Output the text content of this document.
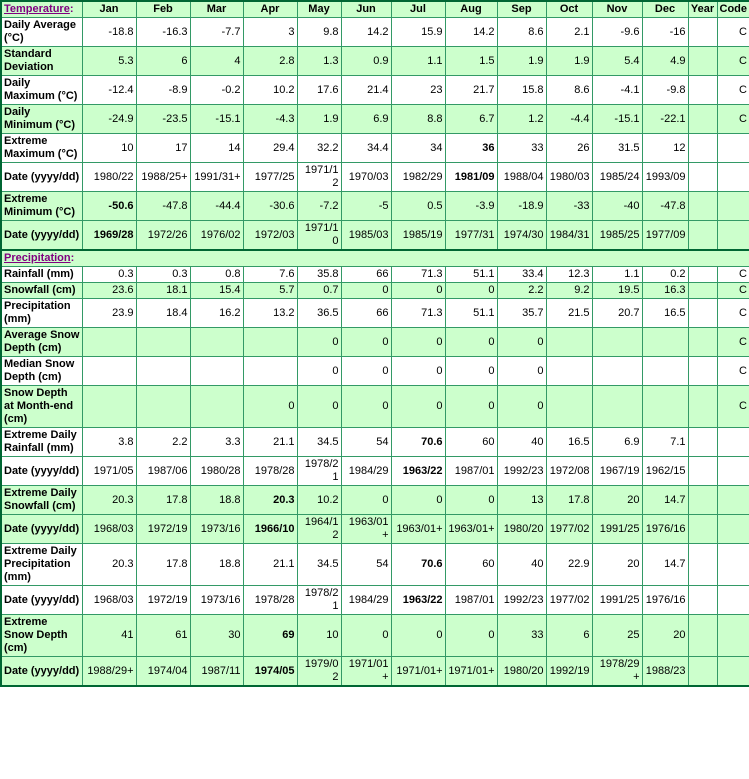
Temperature:	Jan	Feb	Mar	Apr	May	Jun	Jul	Aug	Sep	Oct	Nov	Dec	Year	Code
Daily Average (°C)	-18.8	-16.3	-7.7	3	9.8	14.2	15.9	14.2	8.6	2.1	-9.6	-16		C
Standard Deviation	5.3	6	4	2.8	1.3	0.9	1.1	1.5	1.9	1.9	5.4	4.9		C
Daily Maximum (°C)	-12.4	-8.9	-0.2	10.2	17.6	21.4	23	21.7	15.8	8.6	-4.1	-9.8		C
Daily Minimum (°C)	-24.9	-23.5	-15.1	-4.3	1.9	6.9	8.8	6.7	1.2	-4.4	-15.1	-22.1		C
Extreme Maximum (°C)	10	17	14	29.4	32.2	34.4	34	36	33	26	31.5	12		
Date (yyyy/dd)	1980/22	1988/25+	1991/31+	1977/25	1971/12	1970/03	1982/29	1981/09	1988/04	1980/03	1985/24	1993/09		
Extreme Minimum (°C)	-50.6	-47.8	-44.4	-30.6	-7.2	-5	0.5	-3.9	-18.9	-33	-40	-47.8		
Date (yyyy/dd)	1969/28	1972/26	1976/02	1972/03	1971/10	1985/03	1985/19	1977/31	1974/30	1984/31	1985/25	1977/09		
Precipitation:														
Rainfall (mm)	0.3	0.3	0.8	7.6	35.8	66	71.3	51.1	33.4	12.3	1.1	0.2		C
Snowfall (cm)	23.6	18.1	15.4	5.7	0.7	0	0	0	2.2	9.2	19.5	16.3		C
Precipitation (mm)	23.9	18.4	16.2	13.2	36.5	66	71.3	51.1	35.7	21.5	20.7	16.5		C
Average Snow Depth (cm)					0	0	0	0	0					C
Median Snow Depth (cm)					0	0	0	0	0					C
Snow Depth at Month-end (cm)				0	0	0	0	0	0					C
Extreme Daily Rainfall (mm)	3.8	2.2	3.3	21.1	34.5	54	70.6	60	40	16.5	6.9	7.1		
Date (yyyy/dd)	1971/05	1987/06	1980/28	1978/28	1978/21	1984/29	1963/22	1987/01	1992/23	1972/08	1967/19	1962/15		
Extreme Daily Snowfall (cm)	20.3	17.8	18.8	20.3	10.2	0	0	0	13	17.8	20	14.7		
Date (yyyy/dd)	1968/03	1972/19	1973/16	1966/10	1964/12	1963/01+	1963/01+	1963/01+	1980/20	1977/02	1991/25	1976/16		
Extreme Daily Precipitation (mm)	20.3	17.8	18.8	21.1	34.5	54	70.6	60	40	22.9	20	14.7		
Date (yyyy/dd)	1968/03	1972/19	1973/16	1978/28	1978/21	1984/29	1963/22	1987/01	1992/23	1977/02	1991/25	1976/16		
Extreme Snow Depth (cm)	41	61	30	69	10	0	0	0	33	6	25	20		
Date (yyyy/dd)	1988/29+	1974/04	1987/11	1974/05	1979/02	1971/01+	1971/01+	1971/01+	1980/20	1992/19	1978/29+	1988/23		
